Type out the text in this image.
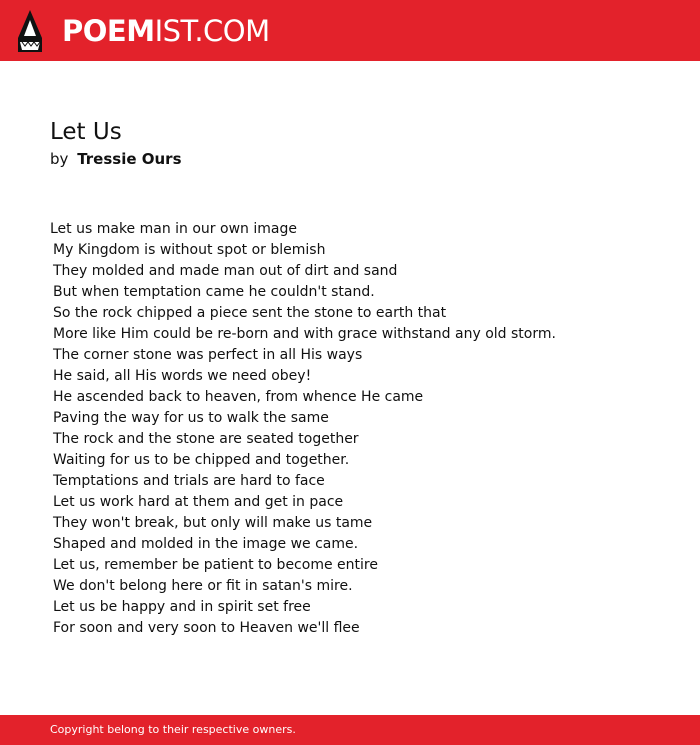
POEMIST.COM
Let Us
by Tressie Ours
Let us make man in our own image
My Kingdom is without spot or blemish
They molded and made man out of dirt and sand
But when temptation came he couldn't stand.
So the rock chipped a piece sent the stone to earth that
More like Him could be re-born and with grace withstand any old storm.
The corner stone was perfect in all His ways
He said, all His words we need obey!
He ascended back to heaven, from whence He came
Paving the way for us to walk the same
The rock and the stone are seated together
Waiting for us to be chipped and together.
Temptations and trials are hard to face
Let us work hard at them and get in pace
They won't break, but only will make us tame
Shaped and molded in the image we came.
Let us, remember be patient to become entire
We don't belong here or fit in satan's mire.
Let us be happy and in spirit set free
For soon and very soon to Heaven we'll flee
Copyright belong to their respective owners.
